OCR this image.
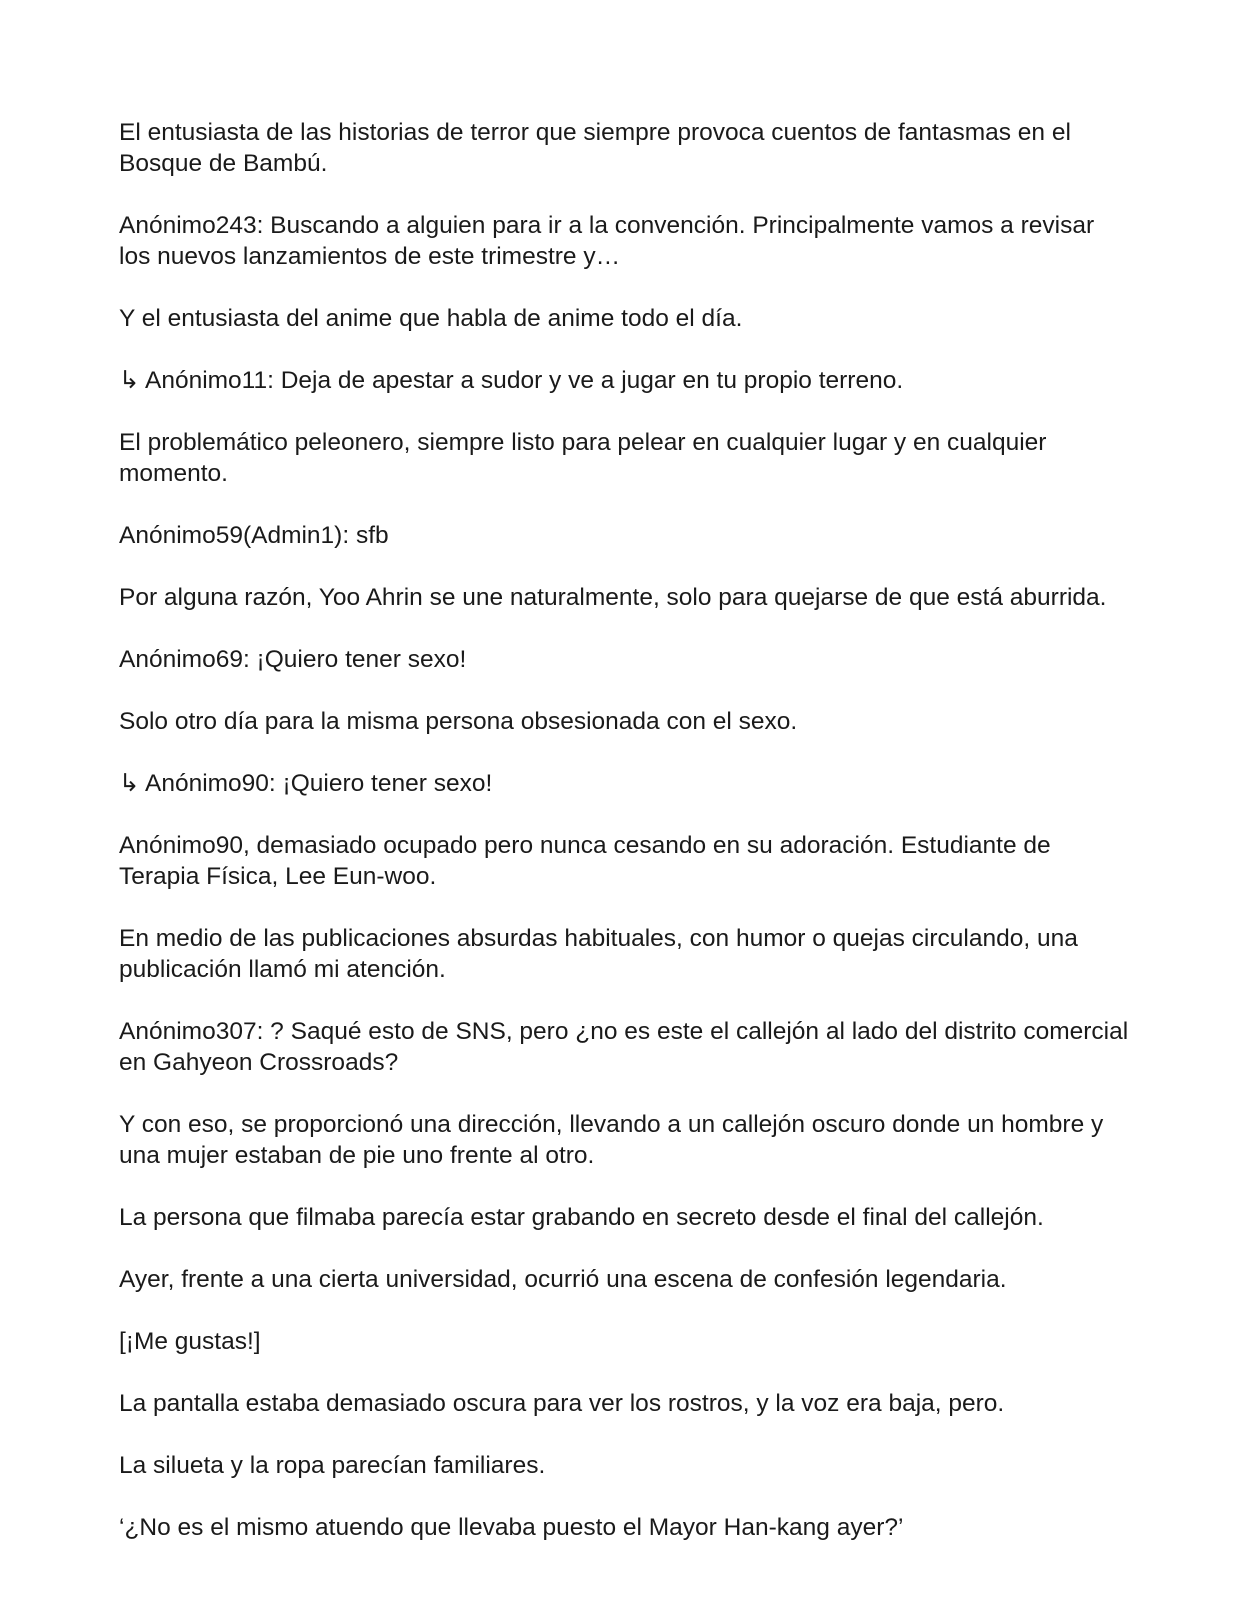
El entusiasta de las historias de terror que siempre provoca cuentos de fantasmas en el Bosque de Bambú.

Anónimo243: Buscando a alguien para ir a la convención. Principalmente vamos a revisar los nuevos lanzamientos de este trimestre y…

Y el entusiasta del anime que habla de anime todo el día.

↳ Anónimo11: Deja de apestar a sudor y ve a jugar en tu propio terreno.

El problemático peleonero, siempre listo para pelear en cualquier lugar y en cualquier momento.

Anónimo59(Admin1): sfb

Por alguna razón, Yoo Ahrin se une naturalmente, solo para quejarse de que está aburrida.

Anónimo69: ¡Quiero tener sexo!

Solo otro día para la misma persona obsesionada con el sexo.

↳ Anónimo90: ¡Quiero tener sexo!

Anónimo90, demasiado ocupado pero nunca cesando en su adoración. Estudiante de Terapia Física, Lee Eun-woo.

En medio de las publicaciones absurdas habituales, con humor o quejas circulando, una publicación llamó mi atención.

Anónimo307: ? Saqué esto de SNS, pero ¿no es este el callejón al lado del distrito comercial en Gahyeon Crossroads?

Y con eso, se proporcionó una dirección, llevando a un callejón oscuro donde un hombre y una mujer estaban de pie uno frente al otro.

La persona que filmaba parecía estar grabando en secreto desde el final del callejón.

Ayer, frente a una cierta universidad, ocurrió una escena de confesión legendaria.

[¡Me gustas!]

La pantalla estaba demasiado oscura para ver los rostros, y la voz era baja, pero.

La silueta y la ropa parecían familiares.

‘¿No es el mismo atuendo que llevaba puesto el Mayor Han-kang ayer?’
